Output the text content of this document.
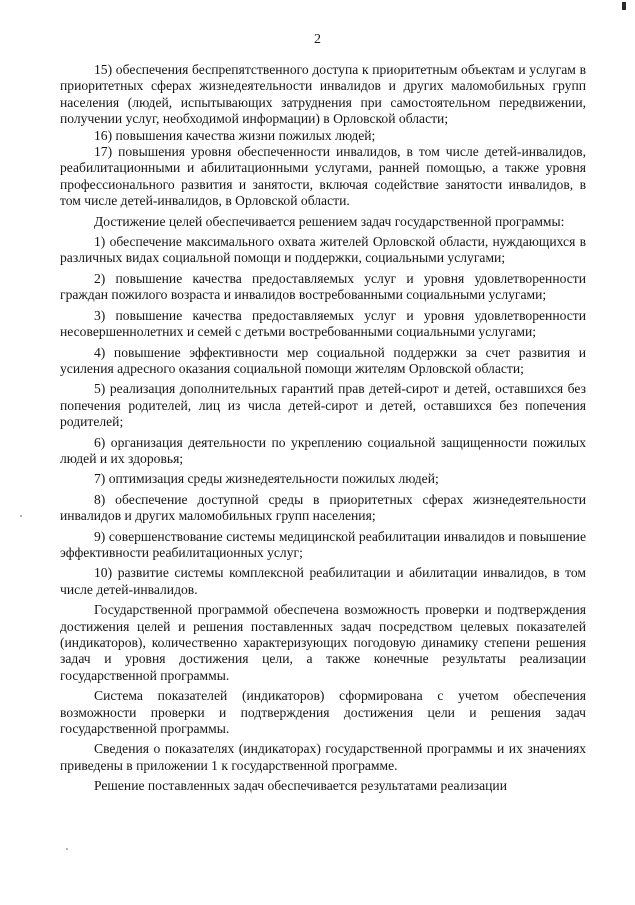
2

15) обеспечения беспрепятственного доступа к приоритетным объектам и услугам в приоритетных сферах жизнедеятельности инвалидов и других маломобильных групп населения (людей, испытывающих затруднения при самостоятельном передвижении, получении услуг, необходимой информации) в Орловской области;

16) повышения качества жизни пожилых людей;

17) повышения уровня обеспеченности инвалидов, в том числе детей-инвалидов, реабилитационными и абилитационными услугами, ранней помощью, а также уровня профессионального развития и занятости, включая содействие занятости инвалидов, в том числе детей-инвалидов, в Орловской области.

Достижение целей обеспечивается решением задач государственной программы:

1) обеспечение максимального охвата жителей Орловской области, нуждающихся в различных видах социальной помощи и поддержки, социальными услугами;

2) повышение качества предоставляемых услуг и уровня удовлетворенности граждан пожилого возраста и инвалидов востребованными социальными услугами;

3) повышение качества предоставляемых услуг и уровня удовлетворенности несовершеннолетних и семей с детьми востребованными социальными услугами;

4) повышение эффективности мер социальной поддержки за счет развития и усиления адресного оказания социальной помощи жителям Орловской области;

5) реализация дополнительных гарантий прав детей-сирот и детей, оставшихся без попечения родителей, лиц из числа детей-сирот и детей, оставшихся без попечения родителей;

6) организация деятельности по укреплению социальной защищенности пожилых людей и их здоровья;

7) оптимизация среды жизнедеятельности пожилых людей;

8) обеспечение доступной среды в приоритетных сферах жизнедеятельности инвалидов и других маломобильных групп населения;

9) совершенствование системы медицинской реабилитации инвалидов и повышение эффективности реабилитационных услуг;

10) развитие системы комплексной реабилитации и абилитации инвалидов, в том числе детей-инвалидов.

Государственной программой обеспечена возможность проверки и подтверждения достижения целей и решения поставленных задач посредством целевых показателей (индикаторов), количественно характеризующих погодовую динамику степени решения задач и уровня достижения цели, а также конечные результаты реализации государственной программы.

Система показателей (индикаторов) сформирована с учетом обеспечения возможности проверки и подтверждения достижения цели и решения задач государственной программы.

Сведения о показателях (индикаторах) государственной программы и их значениях приведены в приложении 1 к государственной программе.

Решение поставленных задач обеспечивается результатами реализации
